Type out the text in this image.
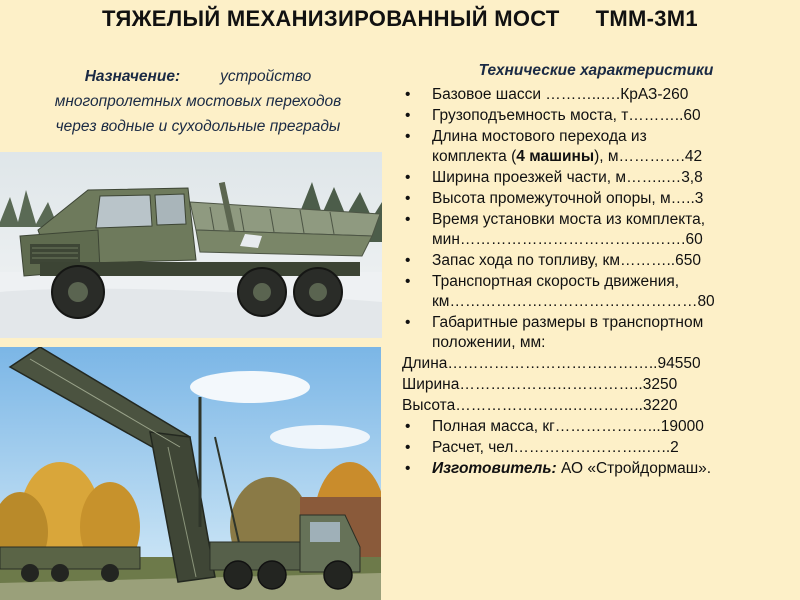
ТЯЖЕЛЫЙ МЕХАНИЗИРОВАННЫЙ МОСТ ТММ-3М1
Назначение:	устройство
многопролетных мостовых переходов
через водные и суходольные преграды
Технические характеристики
• Базовое шасси ………..….КрАЗ-260
• Грузоподъемность моста, т………..60
• Длина мостового перехода из
комплекта (4 машины), м………….42
• Ширина проезжей части, м……..…3,8
• Высота промежуточной опоры, м…..3
• Время установки моста из комплекта,
мин……………………………….…….60
• Запас хода по топливу, км………..650
• Транспортная скорость движения,
км…………………………………………80
• Габаритные размеры в транспортном
положении, мм:
Длина…………………………………..94550
Ширина……………….……………..3250
Высота…………………..…………..3220
• Полная масса, кг………………...19000
• Расчет, чел……………………..…..2
• Изготовитель: АО «Стройдормаш».
